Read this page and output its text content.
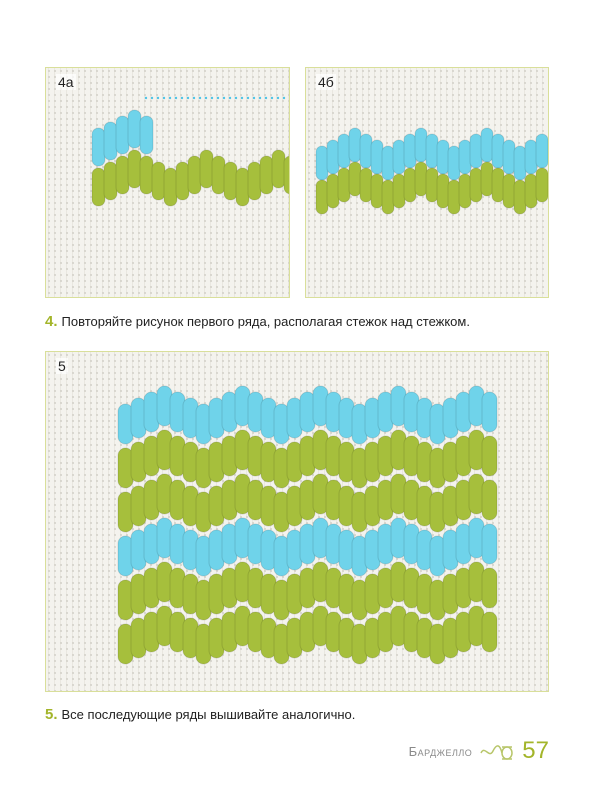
4а	4б
4. Повторяйте рисунок первого ряда, располагая стежок над стежком.
5
5. Все последующие ряды вышивайте аналогично.
Барджелло 57
